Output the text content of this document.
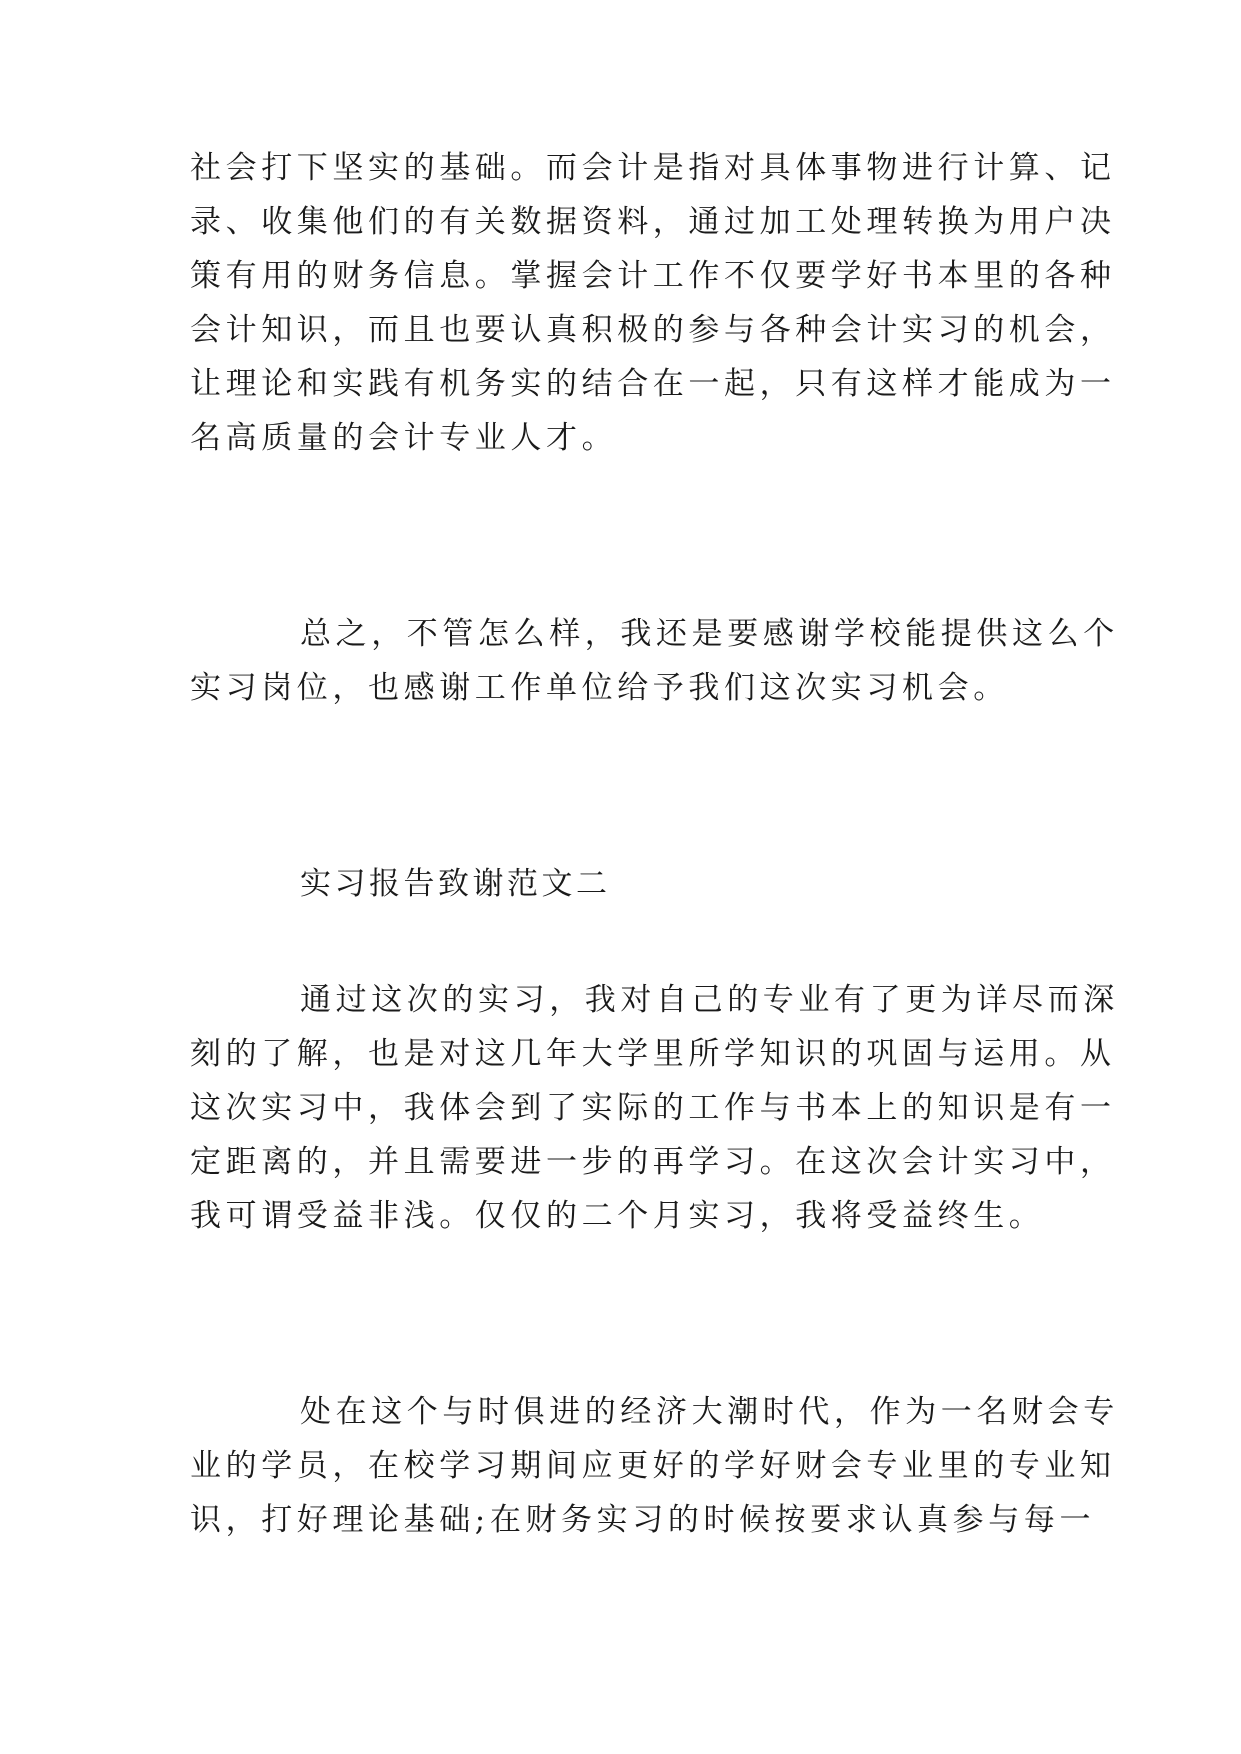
社会打下坚实的基础。而会计是指对具体事物进行计算、记
录、收集他们的有关数据资料，通过加工处理转换为用户决
策有用的财务信息。掌握会计工作不仅要学好书本里的各种
会计知识，而且也要认真积极的参与各种会计实习的机会，
让理论和实践有机务实的结合在一起，只有这样才能成为一
名高质量的会计专业人才。
总之，不管怎么样，我还是要感谢学校能提供这么个
实习岗位，也感谢工作单位给予我们这次实习机会。
实习报告致谢范文二
通过这次的实习，我对自己的专业有了更为详尽而深
刻的了解，也是对这几年大学里所学知识的巩固与运用。从
这次实习中，我体会到了实际的工作与书本上的知识是有一
定距离的，并且需要进一步的再学习。在这次会计实习中，
我可谓受益非浅。仅仅的二个月实习，我将受益终生。
处在这个与时俱进的经济大潮时代，作为一名财会专
业的学员，在校学习期间应更好的学好财会专业里的专业知
识，打好理论基础;在财务实习的时候按要求认真参与每一
